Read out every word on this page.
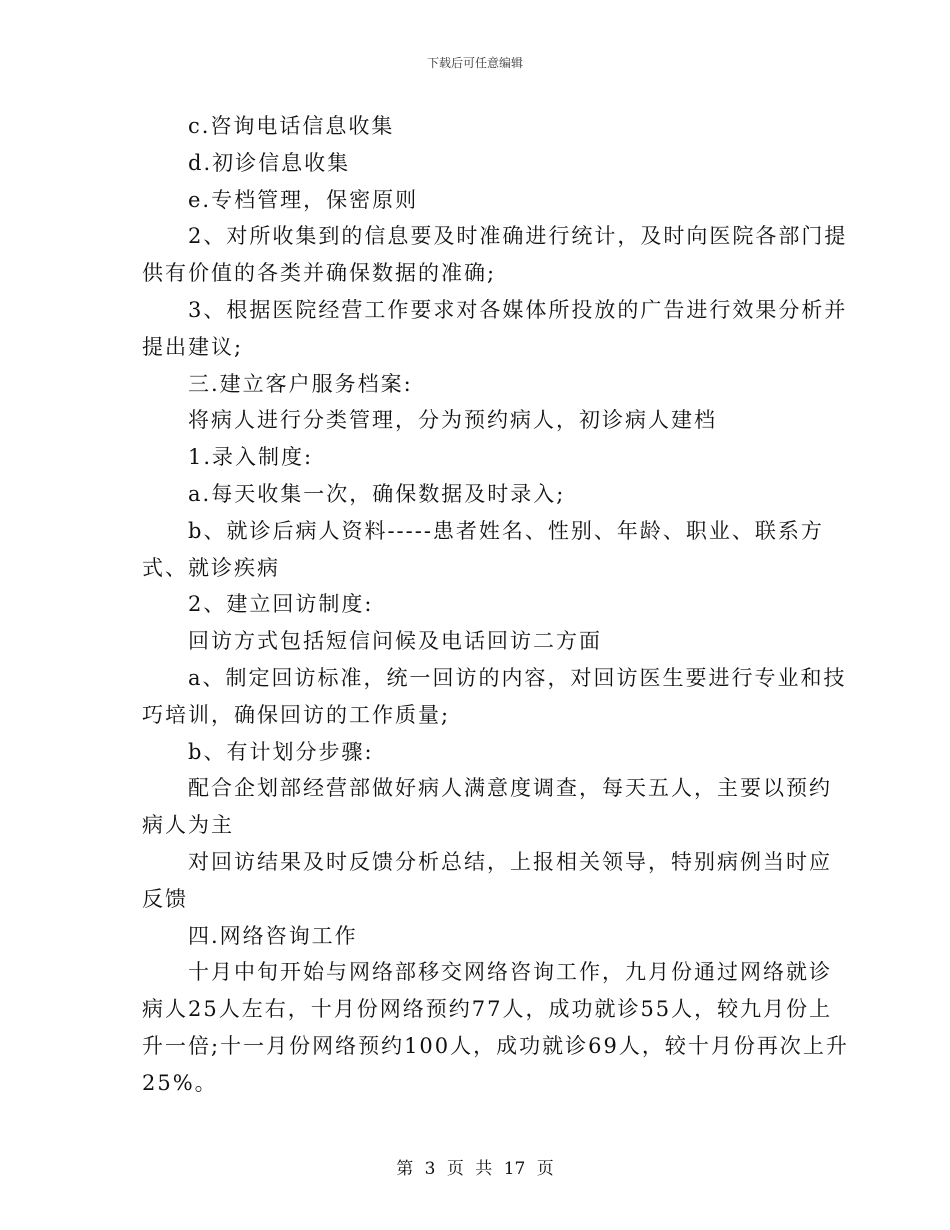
下载后可任意编辑
c.咨询电话信息收集
d.初诊信息收集
e.专档管理，保密原则
2、对所收集到的信息要及时准确进行统计，及时向医院各部门提
供有价值的各类并确保数据的准确;
3、根据医院经营工作要求对各媒体所投放的广告进行效果分析并
提出建议;
三.建立客户服务档案:
将病人进行分类管理，分为预约病人，初诊病人建档
1.录入制度:
a.每天收集一次，确保数据及时录入;
b、就诊后病人资料-----患者姓名、性别、年龄、职业、联系方
式、就诊疾病
2、建立回访制度:
回访方式包括短信问候及电话回访二方面
a、制定回访标准，统一回访的内容，对回访医生要进行专业和技
巧培训，确保回访的工作质量;
b、有计划分步骤:
配合企划部经营部做好病人满意度调查，每天五人，主要以预约
病人为主
对回访结果及时反馈分析总结，上报相关领导，特别病例当时应
反馈
四.网络咨询工作
十月中旬开始与网络部移交网络咨询工作，九月份通过网络就诊
病人25人左右，十月份网络预约77人，成功就诊55人，较九月份上
升一倍;十一月份网络预约100人，成功就诊69人，较十月份再次上升
25%。
第 3 页 共 17 页
